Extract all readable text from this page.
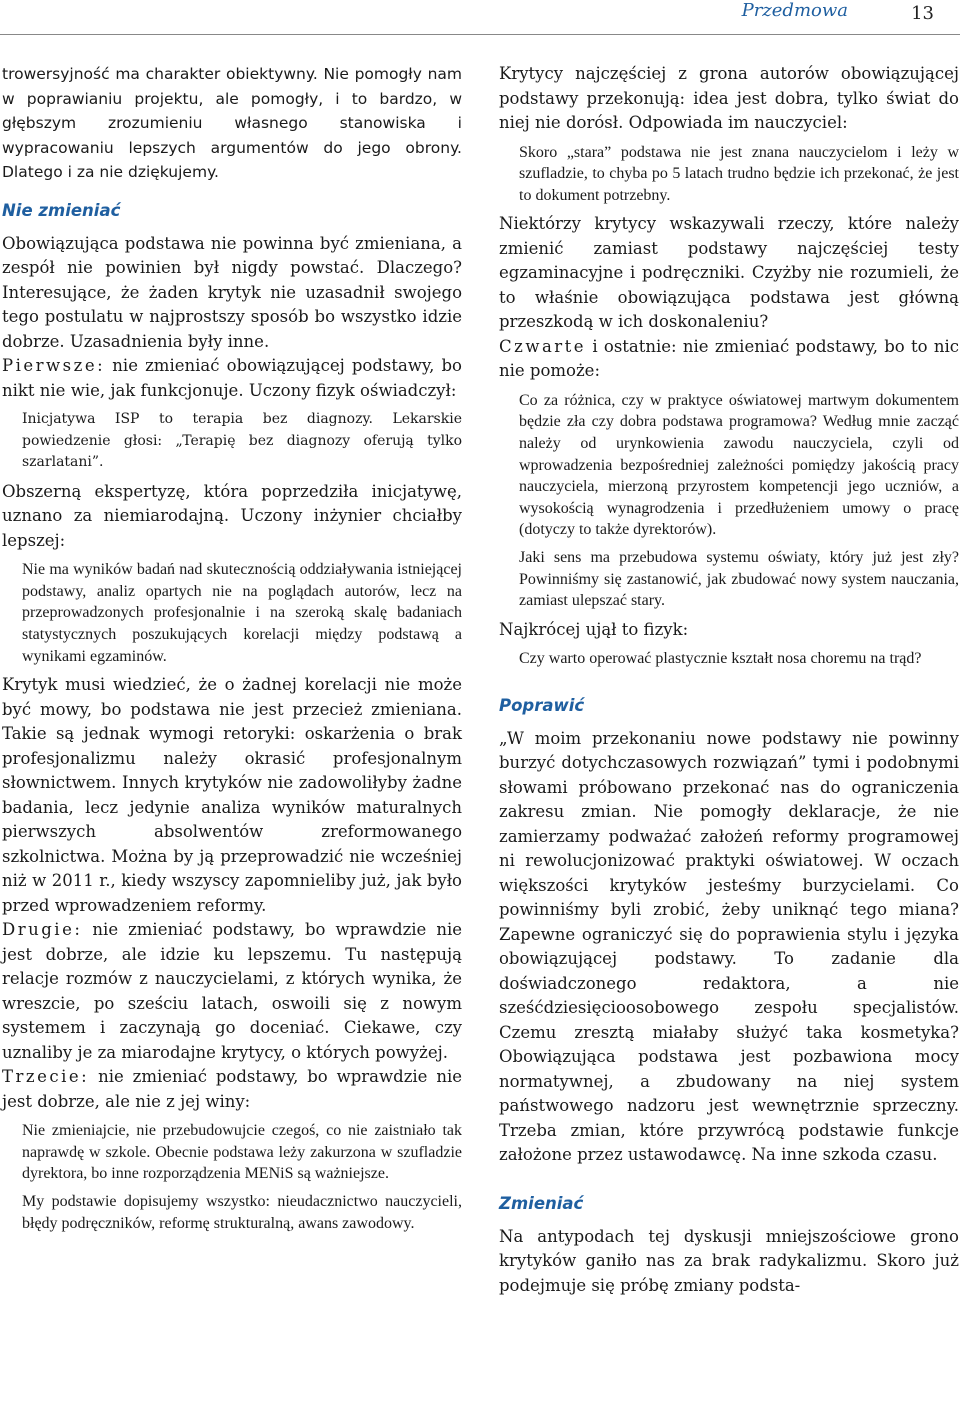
Przedmowa	13

trowersyjność ma charakter obiektywny. Nie pomogły nam w poprawianiu projektu, ale pomogły, i to bardzo, w głębszym zrozumieniu własnego stanowiska i wypracowaniu lepszych argumentów do jego obrony. Dlatego i za nie dziękujemy.

Nie zmieniać

Obowiązująca podstawa nie powinna być zmieniana, a zespół nie powinien był nigdy powstać. Dlaczego? Interesujące, że żaden krytyk nie uzasadnił swojego tego postulatu w najprostszy sposób bo wszystko idzie dobrze. Uzasadnienia były inne.

Pierwsze: nie zmieniać obowiązującej podstawy, bo nikt nie wie, jak funkcjonuje. Uczony fizyk oświadczył:

Inicjatywa ISP to terapia bez diagnozy. Lekarskie powiedzenie głosi: „Terapię bez diagnozy oferują tylko szarlatani”.

Obszerną ekspertyzę, która poprzedziła inicjatywę, uznano za niemiarodajną. Uczony inżynier chciałby lepszej:

Nie ma wyników badań nad skutecznością oddziaływania istniejącej podstawy, analiz opartych nie na poglądach autorów, lecz na przeprowadzonych profesjonalnie i na szeroką skalę badaniach statystycznych poszukujących korelacji między podstawą a wynikami egzaminów.

Krytyk musi wiedzieć, że o żadnej korelacji nie może być mowy, bo podstawa nie jest przecież zmieniana. Takie są jednak wymogi retoryki: oskarżenia o brak profesjonalizmu należy okrasić profesjonalnym słownictwem. Innych krytyków nie zadowoliłyby żadne badania, lecz jedynie analiza wyników maturalnych pierwszych absolwentów zreformowanego szkolnictwa. Można by ją przeprowadzić nie wcześniej niż w 2011 r., kiedy wszyscy zapomnieliby już, jak było przed wprowadzeniem reformy.

Drugie: nie zmieniać podstawy, bo wprawdzie nie jest dobrze, ale idzie ku lepszemu. Tu następują relacje rozmów z nauczycielami, z których wynika, że wreszcie, po sześciu latach, oswoili się z nowym systemem i zaczynają go doceniać. Ciekawe, czy uznaliby je za miarodajne krytycy, o których powyżej.

Trzecie: nie zmieniać podstawy, bo wprawdzie nie jest dobrze, ale nie z jej winy:

Nie zmieniajcie, nie przebudowujcie czegoś, co nie zaistniało tak naprawdę w szkole. Obecnie podstawa leży zakurzona w szufladzie dyrektora, bo inne rozporządzenia MENiS są ważniejsze.

My podstawie dopisujemy wszystko: nieudacznictwo nauczycieli, błędy podręczników, reformę strukturalną, awans zawodowy.

Krytycy najczęściej z grona autorów obowiązującej podstawy przekonują: idea jest dobra, tylko świat do niej nie dorósł. Odpowiada im nauczyciel:

Skoro „stara” podstawa nie jest znana nauczycielom i leży w szufladzie, to chyba po 5 latach trudno będzie ich przekonać, że jest to dokument potrzebny.

Niektórzy krytycy wskazywali rzeczy, które należy zmienić zamiast podstawy najczęściej testy egzaminacyjne i podręczniki. Czyżby nie rozumieli, że to właśnie obowiązująca podstawa jest główną przeszkodą w ich doskonaleniu?

Czwarte i ostatnie: nie zmieniać podstawy, bo to nic nie pomoże:

Co za różnica, czy w praktyce oświatowej martwym dokumentem będzie zła czy dobra podstawa programowa? Według mnie zacząć należy od urynkowienia zawodu nauczyciela, czyli od wprowadzenia bezpośredniej zależności pomiędzy jakością pracy nauczyciela, mierzoną przyrostem kompetencji jego uczniów, a wysokością wynagrodzenia i przedłużeniem umowy o pracę (dotyczy to także dyrektorów).

Jaki sens ma przebudowa systemu oświaty, który już jest zły? Powinniśmy się zastanowić, jak zbudować nowy system nauczania, zamiast ulepszać stary.

Najkrócej ujął to fizyk:

Czy warto operować plastycznie kształt nosa choremu na trąd?

Poprawić

„W moim przekonaniu nowe podstawy nie powinny burzyć dotychczasowych rozwiązań” tymi i podobnymi słowami próbowano przekonać nas do ograniczenia zakresu zmian. Nie pomogły deklaracje, że nie zamierzamy podważać założeń reformy programowej ni rewolucjonizować praktyki oświatowej. W oczach większości krytyków jesteśmy burzycielami. Co powinniśmy byli zrobić, żeby uniknąć tego miana? Zapewne ograniczyć się do poprawienia stylu i języka obowiązującej podstawy. To zadanie dla doświadczonego redaktora, a nie sześćdziesięcioosobowego zespołu specjalistów. Czemu zresztą miałaby służyć taka kosmetyka? Obowiązująca podstawa jest pozbawiona mocy normatywnej, a zbudowany na niej system państwowego nadzoru jest wewnętrznie sprzeczny. Trzeba zmian, które przywrócą podstawie funkcje założone przez ustawodawcę. Na inne szkoda czasu.

Zmieniać

Na antypodach tej dyskusji mniejszościowe grono krytyków ganiło nas za brak radykalizmu. Skoro już podejmuje się próbę zmiany podsta-
